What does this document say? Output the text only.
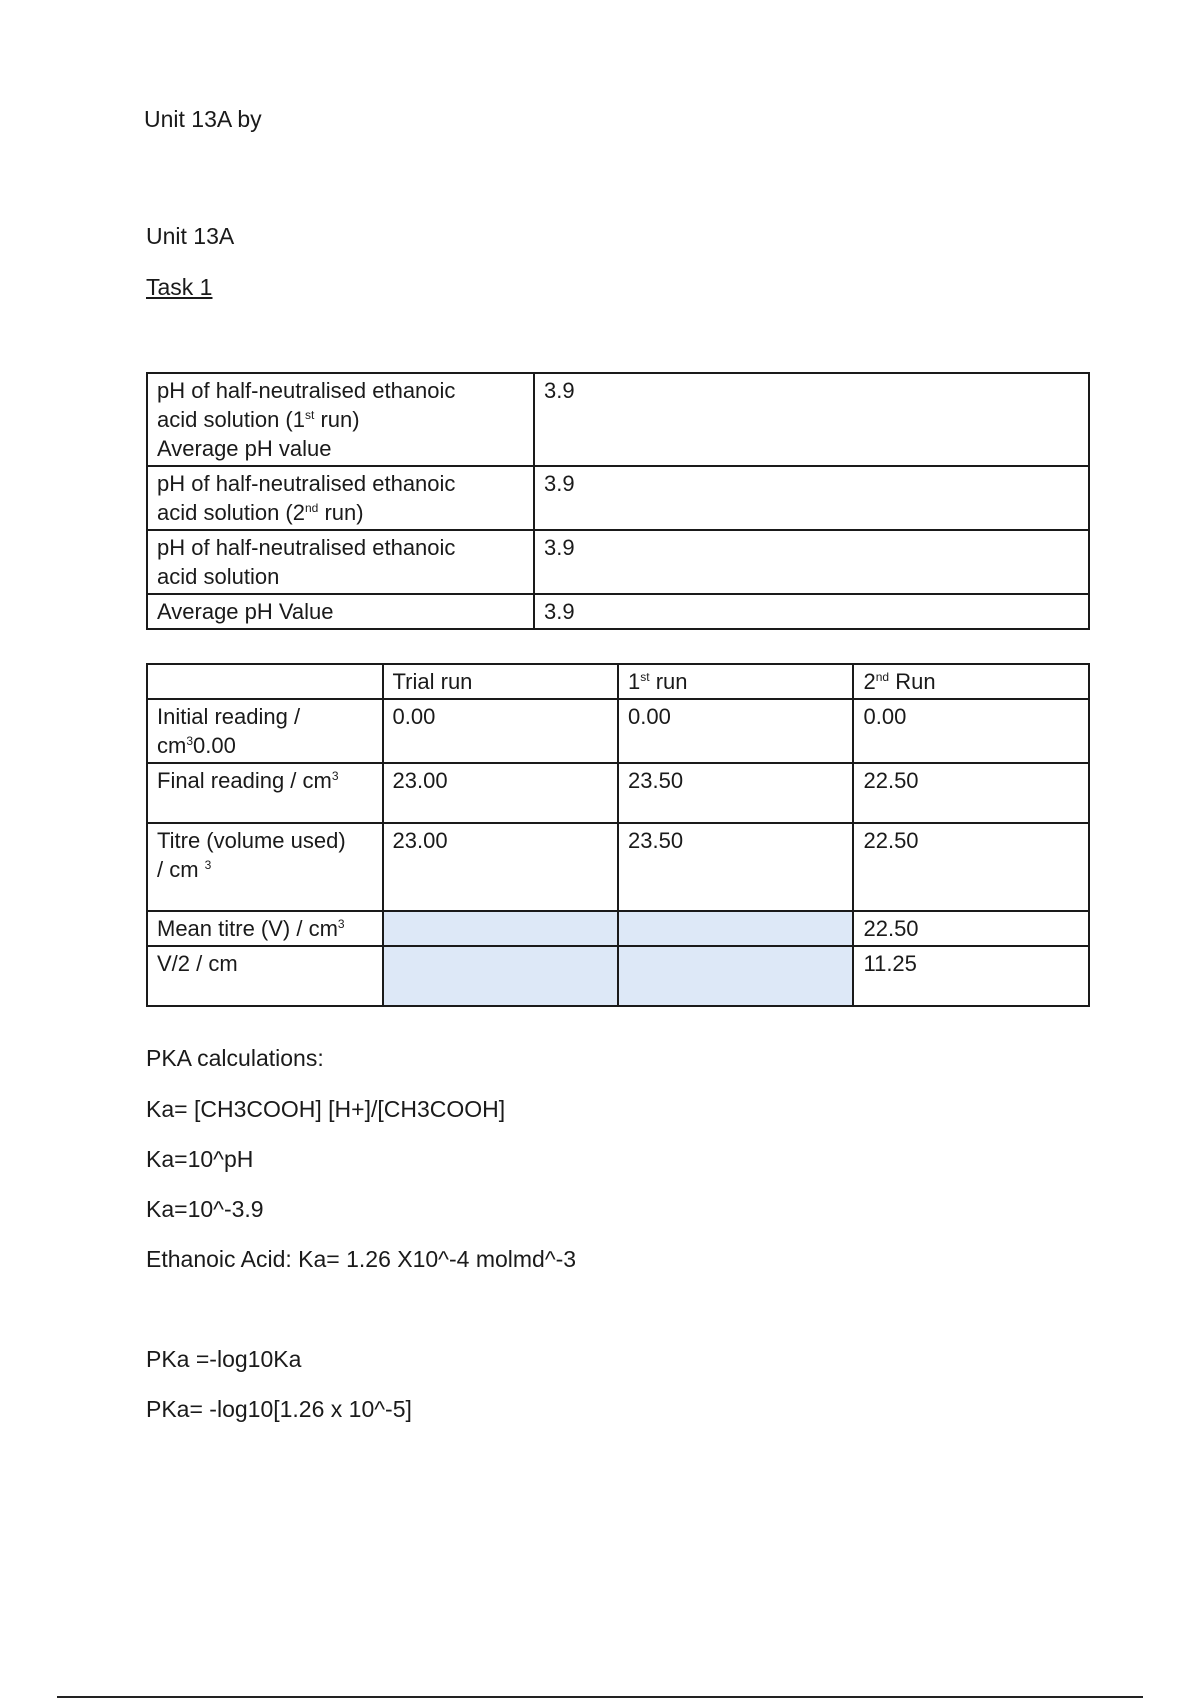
Unit 13A by
Unit 13A
Task 1
pH of half-neutralised ethanoic
acid solution (1st run)
Average pH value	3.9

pH of half-neutralised ethanoic
acid solution (2nd run)	3.9

pH of half-neutralised ethanoic
acid solution	3.9
Average pH Value	3.9
	Trial run	1st run	2nd Run

Initial reading /
$cm^30.00$	0.00	0.00	0.00
Final reading / $cm^3$	23.00	23.50	22.50

Titre (volume used)
/ cm $^3$	23.00	23.50	22.50
Mean titre $(V) / cm^3$			22.50
V/2 / cm			11.25
PKA calculations:
Ka= [CH3COOH] [H+]/[CH3COOH]
Ka=10^pH
Ka=10^-3.9
Ethanoic Acid: Ka= 1.26 X10^-4 molmd^-3
PKa =-log10Ka
PKa= -log10[1.26 x 10^-5]
